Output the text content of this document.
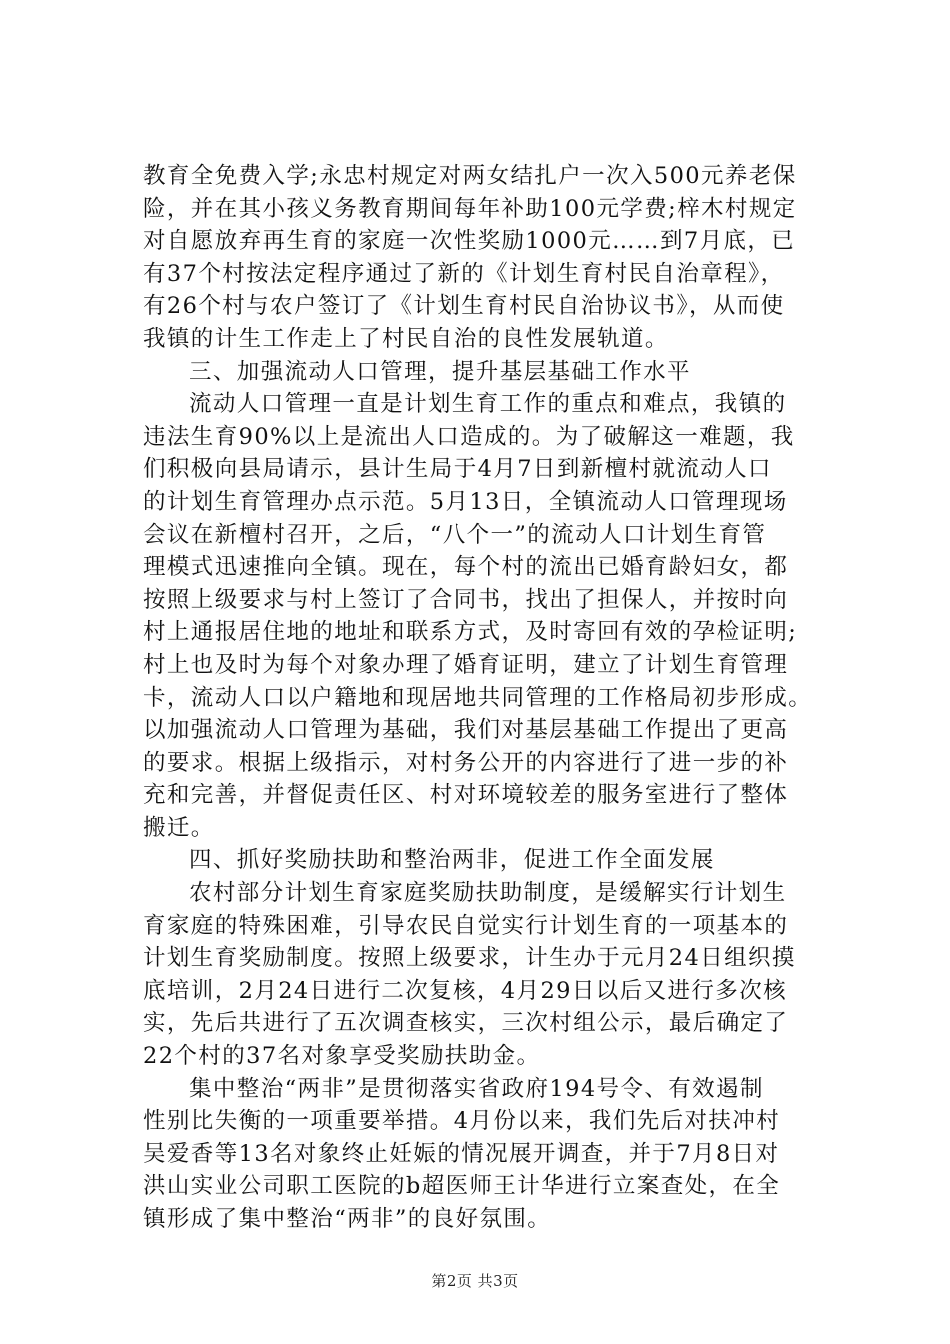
教育全免费入学;永忠村规定对两女结扎户一次入500元养老保
险，并在其小孩义务教育期间每年补助100元学费;梓木村规定
对自愿放弃再生育的家庭一次性奖励1000元……到7月底，已
有37个村按法定程序通过了新的《计划生育村民自治章程》，
有26个村与农户签订了《计划生育村民自治协议书》，从而使
我镇的计生工作走上了村民自治的良性发展轨道。
三、加强流动人口管理，提升基层基础工作水平
流动人口管理一直是计划生育工作的重点和难点，我镇的
违法生育90%以上是流出人口造成的。为了破解这一难题，我
们积极向县局请示，县计生局于4月7日到新檀村就流动人口
的计划生育管理办点示范。5月13日，全镇流动人口管理现场
会议在新檀村召开，之后，“八个一”的流动人口计划生育管
理模式迅速推向全镇。现在，每个村的流出已婚育龄妇女，都
按照上级要求与村上签订了合同书，找出了担保人，并按时向
村上通报居住地的地址和联系方式，及时寄回有效的孕检证明;
村上也及时为每个对象办理了婚育证明，建立了计划生育管理
卡，流动人口以户籍地和现居地共同管理的工作格局初步形成。
以加强流动人口管理为基础，我们对基层基础工作提出了更高
的要求。根据上级指示，对村务公开的内容进行了进一步的补
充和完善，并督促责任区、村对环境较差的服务室进行了整体
搬迁。
四、抓好奖励扶助和整治两非，促进工作全面发展
农村部分计划生育家庭奖励扶助制度，是缓解实行计划生
育家庭的特殊困难，引导农民自觉实行计划生育的一项基本的
计划生育奖励制度。按照上级要求，计生办于元月24日组织摸
底培训，2月24日进行二次复核，4月29日以后又进行多次核
实，先后共进行了五次调查核实，三次村组公示，最后确定了
22个村的37名对象享受奖励扶助金。
集中整治“两非”是贯彻落实省政府194号令、有效遏制
性别比失衡的一项重要举措。4月份以来，我们先后对扶冲村
吴爱香等13名对象终止妊娠的情况展开调查，并于7月8日对
洪山实业公司职工医院的b超医师王计华进行立案查处，在全
镇形成了集中整治“两非”的良好氛围。
第2页 共3页
